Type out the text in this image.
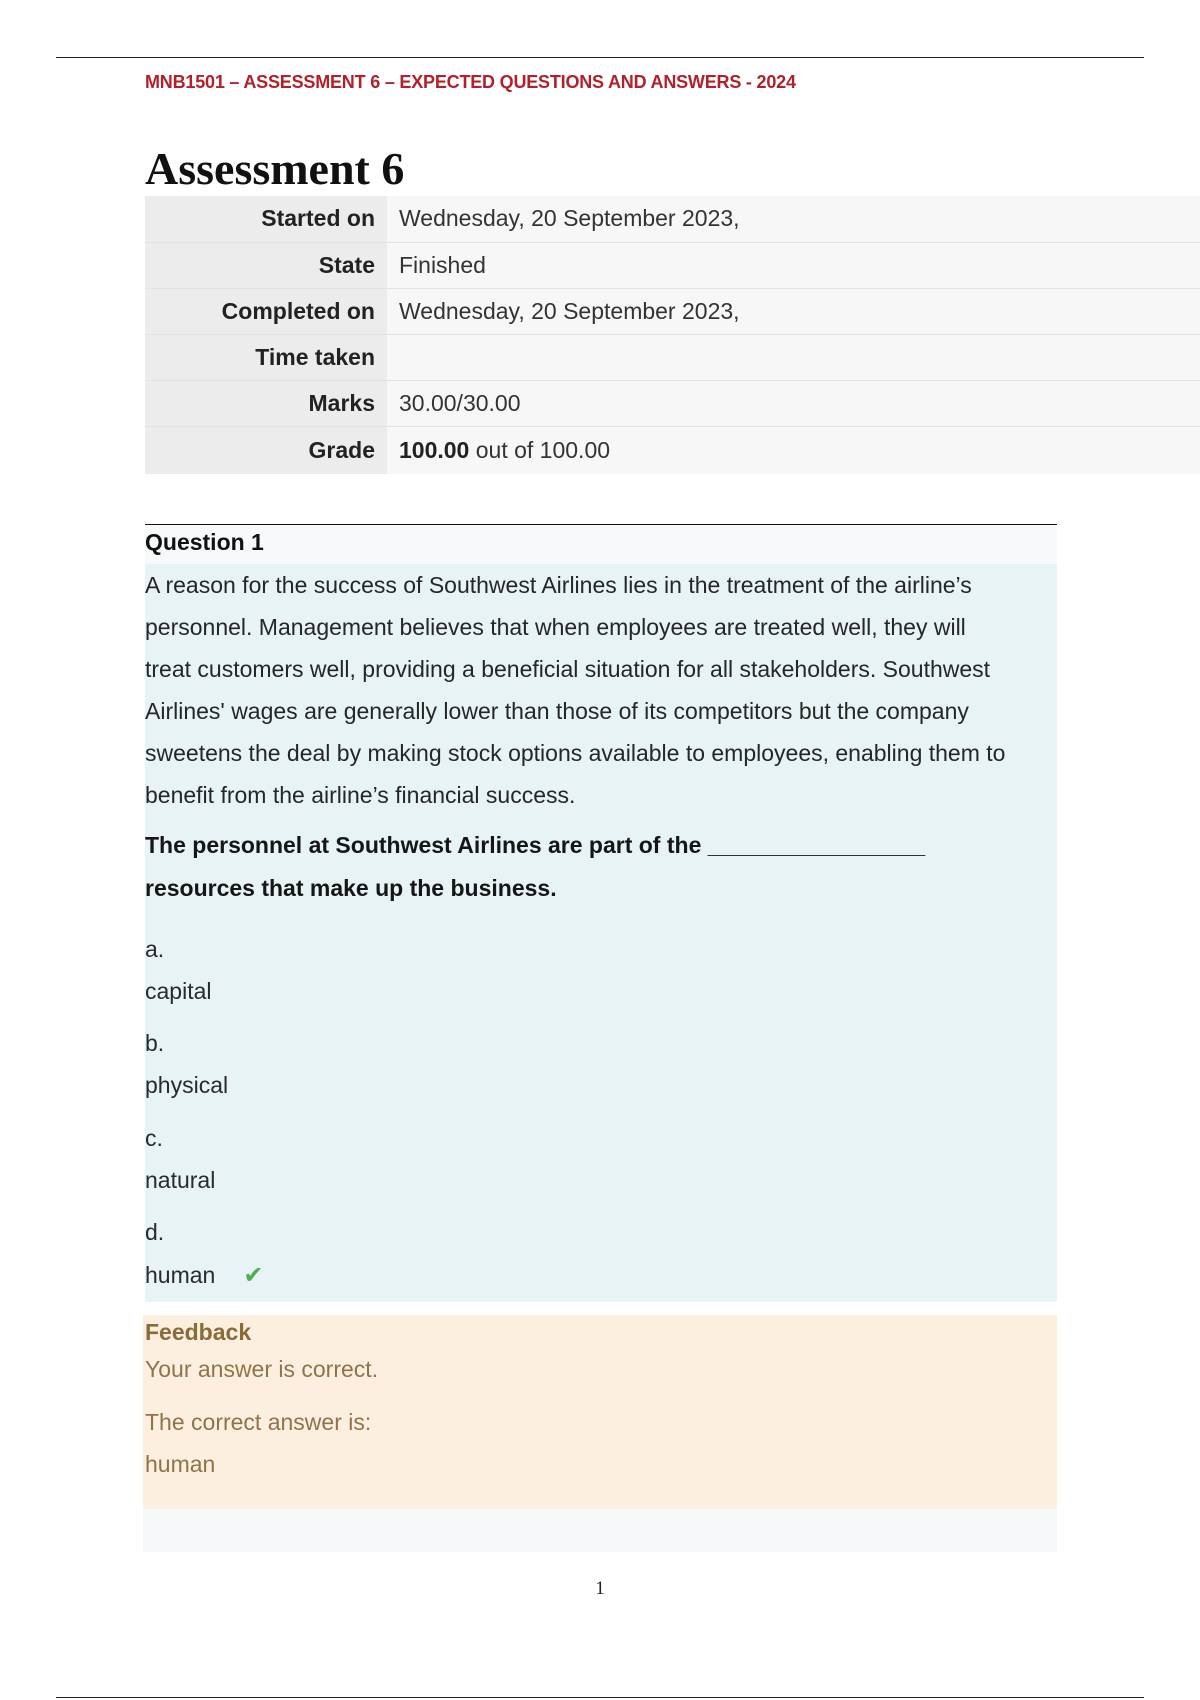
MNB1501 – ASSESSMENT 6 – EXPECTED QUESTIONS AND ANSWERS - 2024
Assessment 6
Started on	Wednesday, 20 September 2023,
State	Finished
Completed on	Wednesday, 20 September 2023,
Time taken	
Marks	30.00/30.00
Grade	100.00 out of 100.00
Question 1
A reason for the success of Southwest Airlines lies in the treatment of the airline’s
personnel. Management believes that when employees are treated well, they will
treat customers well, providing a beneficial situation for all stakeholders. Southwest
Airlines' wages are generally lower than those of its competitors but the company
sweetens the deal by making stock options available to employees, enabling them to
benefit from the airline’s financial success.
The personnel at Southwest Airlines are part of the _________________
resources that make up the business.
a.
capital
b.
physical
c.
natural
d.
human ✔
Feedback
Your answer is correct.
The correct answer is:
human
1
